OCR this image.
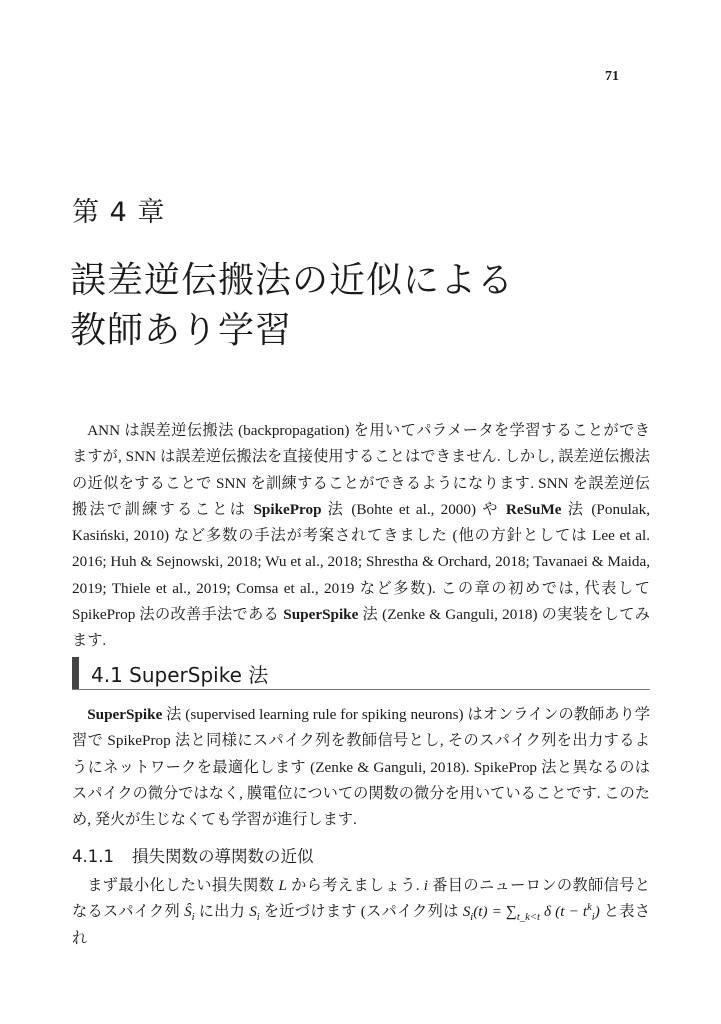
71
第 4 章
誤差逆伝搬法の近似による
教師あり学習

ANN は誤差逆伝搬法 (backpropagation) を用いてパラメータを学習することができますが, SNN は誤差逆伝搬法を直接使用することはできません. しかし, 誤差逆伝搬法の近似をすることで SNN を訓練することができるようになります. SNN を誤差逆伝搬法で訓練することは SpikeProp 法 (Bohte et al., 2000) や ReSuMe 法 (Ponulak, Kasiński, 2010) など多数の手法が考案されてきました (他の方針としては Lee et al. 2016; Huh & Sejnowski, 2018; Wu et al., 2018; Shrestha & Orchard, 2018; Tavanaei & Maida, 2019; Thiele et al., 2019; Comsa et al., 2019 など多数). この章の初めでは, 代表して SpikeProp 法の改善手法である SuperSpike 法 (Zenke & Ganguli, 2018) の実装をしてみます.

4.1 SuperSpike 法

SuperSpike 法 (supervised learning rule for spiking neurons) はオンラインの教師あり学習で SpikeProp 法と同様にスパイク列を教師信号とし, そのスパイク列を出力するようにネットワークを最適化します (Zenke & Ganguli, 2018). SpikeProp 法と異なるのはスパイクの微分ではなく, 膜電位についての関数の微分を用いていることです. このため, 発火が生じなくても学習が進行します.

4.1.1 損失関数の導関数の近似

まず最小化したい損失関数 L から考えましょう. i 番目のニューロンの教師信号となるスパイク列 $Ŝ_i$ に出力 $S_i$ を近づけます (スパイク列は $S_i(t) = \sum_{t\_k<t}$ δ $(t - t^k_i)$ と表され
